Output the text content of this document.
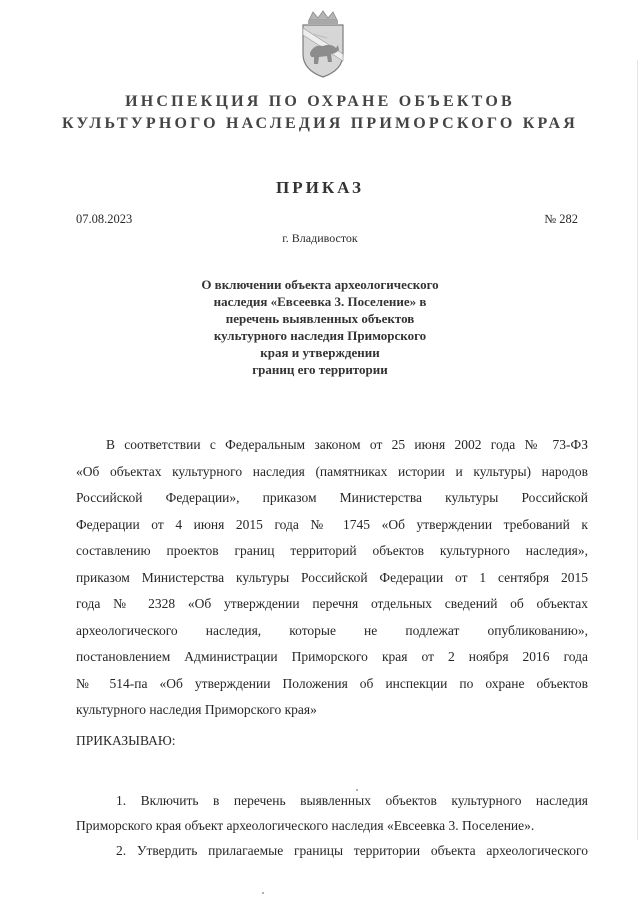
ИНСПЕКЦИЯ ПО ОХРАНЕ ОБЪЕКТОВ
КУЛЬТУРНОГО НАСЛЕДИЯ ПРИМОРСКОГО КРАЯ
ПРИКАЗ
07.08.2023	№ 282
г. Владивосток
О включении объекта археологического
наследия «Евсеевка 3. Поселение» в
перечень выявленных объектов
культурного наследия Приморского
края и утверждении
границ его территории
В соответствии с Федеральным законом от 25 июня 2002 года № 73-ФЗ
«Об объектах культурного наследия (памятниках истории и культуры) народов
Российской Федерации», приказом Министерства культуры Российской
Федерации от 4 июня 2015 года № 1745 «Об утверждении требований к
составлению проектов границ территорий объектов культурного наследия»,
приказом Министерства культуры Российской Федерации от 1 сентября 2015
года № 2328 «Об утверждении перечня отдельных сведений об объектах
археологического наследия, которые не подлежат опубликованию»,
постановлением Администрации Приморского края от 2 ноября 2016 года
№ 514-па «Об утверждении Положения об инспекции по охране объектов
культурного наследия Приморского края»
ПРИКАЗЫВАЮ:
1. Включить в перечень выявленных объектов культурного наследия
Приморского края объект археологического наследия «Евсеевка 3. Поселение».
2. Утвердить прилагаемые границы территории объекта археологического
